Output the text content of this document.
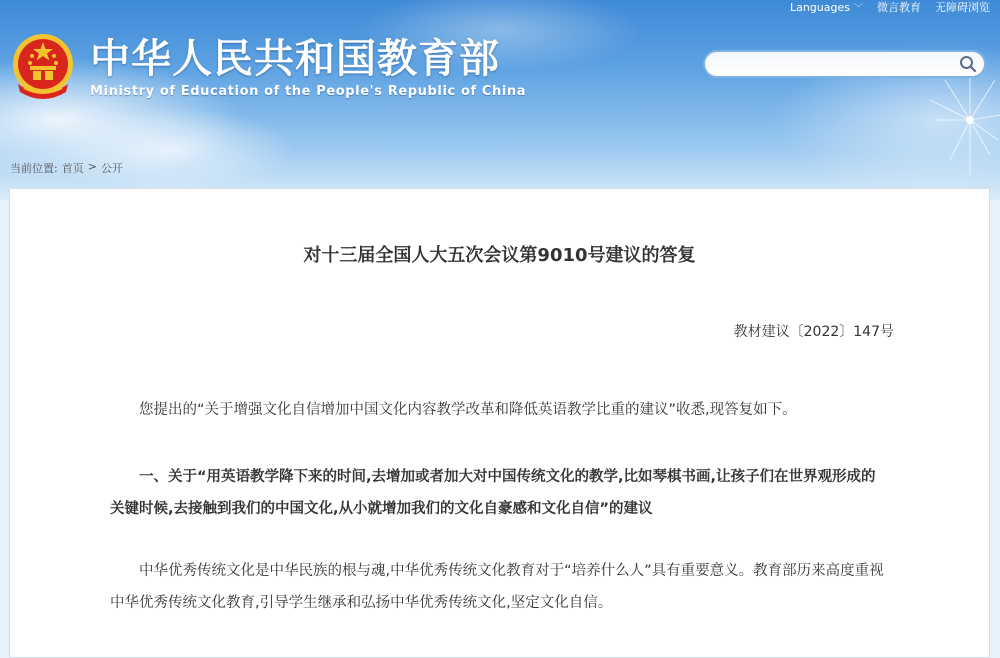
Languages ﹀ 微言教育 无障碍浏览
中华人民共和国教育部
Ministry of Education of the People's Republic of China
当前位置: 首页 > 公开
对十三届全国人大五次会议第9010号建议的答复
教材建议〔2022〕147号

您提出的“关于增强文化自信增加中国文化内容教学改革和降低英语教学比重的建议”收悉,现答复如下。

一、关于“用英语教学降下来的时间,去增加或者加大对中国传统文化的教学,比如琴棋书画,让孩子们在世界观形成的关键时候,去接触到我们的中国文化,从小就增加我们的文化自豪感和文化自信”的建议

中华优秀传统文化是中华民族的根与魂,中华优秀传统文化教育对于“培养什么人”具有重要意义。教育部历来高度重视中华优秀传统文化教育,引导学生继承和弘扬中华优秀传统文化,坚定文化自信。
